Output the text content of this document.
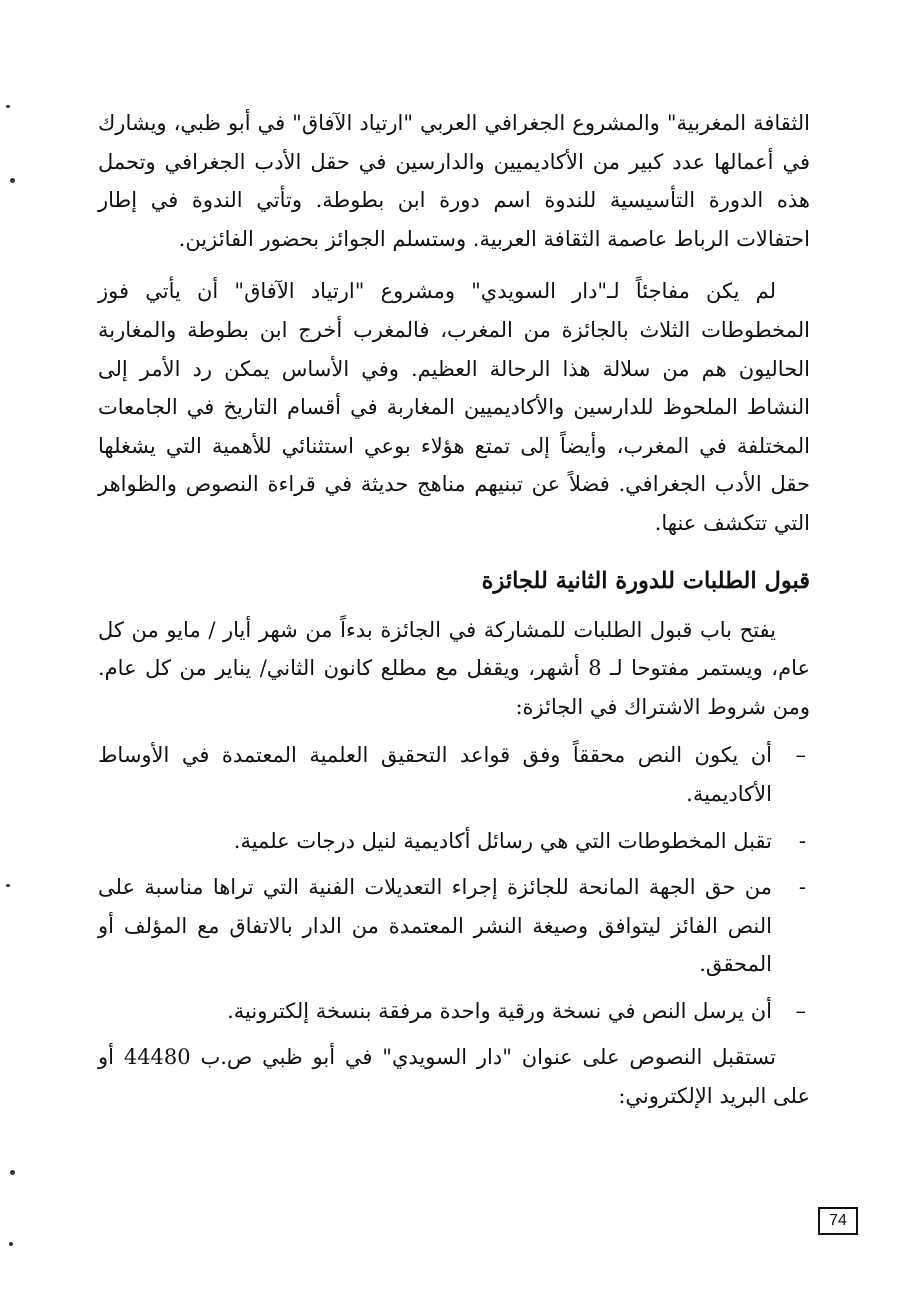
الثقافة المغربية" والمشروع الجغرافي العربي "ارتياد الآفاق" في أبو ظبي، ويشارك في أعمالها عدد كبير من الأكاديميين والدارسين في حقل الأدب الجغرافي وتحمل هذه الدورة التأسيسية للندوة اسم دورة ابن بطوطة. وتأتي الندوة في إطار احتفالات الرباط عاصمة الثقافة العربية. وستسلم الجوائز بحضور الفائزين.

لم يكن مفاجئاً لـ"دار السويدي" ومشروع "ارتياد الآفاق" أن يأتي فوز المخطوطات الثلاث بالجائزة من المغرب، فالمغرب أخرج ابن بطوطة والمغاربة الحاليون هم من سلالة هذا الرحالة العظيم. وفي الأساس يمكن رد الأمر إلى النشاط الملحوظ للدارسين والأكاديميين المغاربة في أقسام التاريخ في الجامعات المختلفة في المغرب، وأيضاً إلى تمتع هؤلاء بوعي استثنائي للأهمية التي يشغلها حقل الأدب الجغرافي. فضلاً عن تبنيهم مناهج حديثة في قراءة النصوص والظواهر التي تتكشف عنها.

قبول الطلبات للدورة الثانية للجائزة

يفتح باب قبول الطلبات للمشاركة في الجائزة بدءاً من شهر أيار / مايو من كل عام، ويستمر مفتوحا لـ 8 أشهر، ويقفل مع مطلع كانون الثاني/ يناير من كل عام. ومن شروط الاشتراك في الجائزة:

–
أن يكون النص محققاً وفق قواعد التحقيق العلمية المعتمدة في الأوساط الأكاديمية.
-
تقبل المخطوطات التي هي رسائل أكاديمية لنيل درجات علمية.
-
من حق الجهة المانحة للجائزة إجراء التعديلات الفنية التي تراها مناسبة على النص الفائز ليتوافق وصيغة النشر المعتمدة من الدار بالاتفاق مع المؤلف أو المحقق.
–
أن يرسل النص في نسخة ورقية واحدة مرفقة بنسخة إلكترونية.

تستقبل النصوص على عنوان "دار السويدي" في أبو ظبي ص.ب 44480 أو على البريد الإلكتروني:

74
